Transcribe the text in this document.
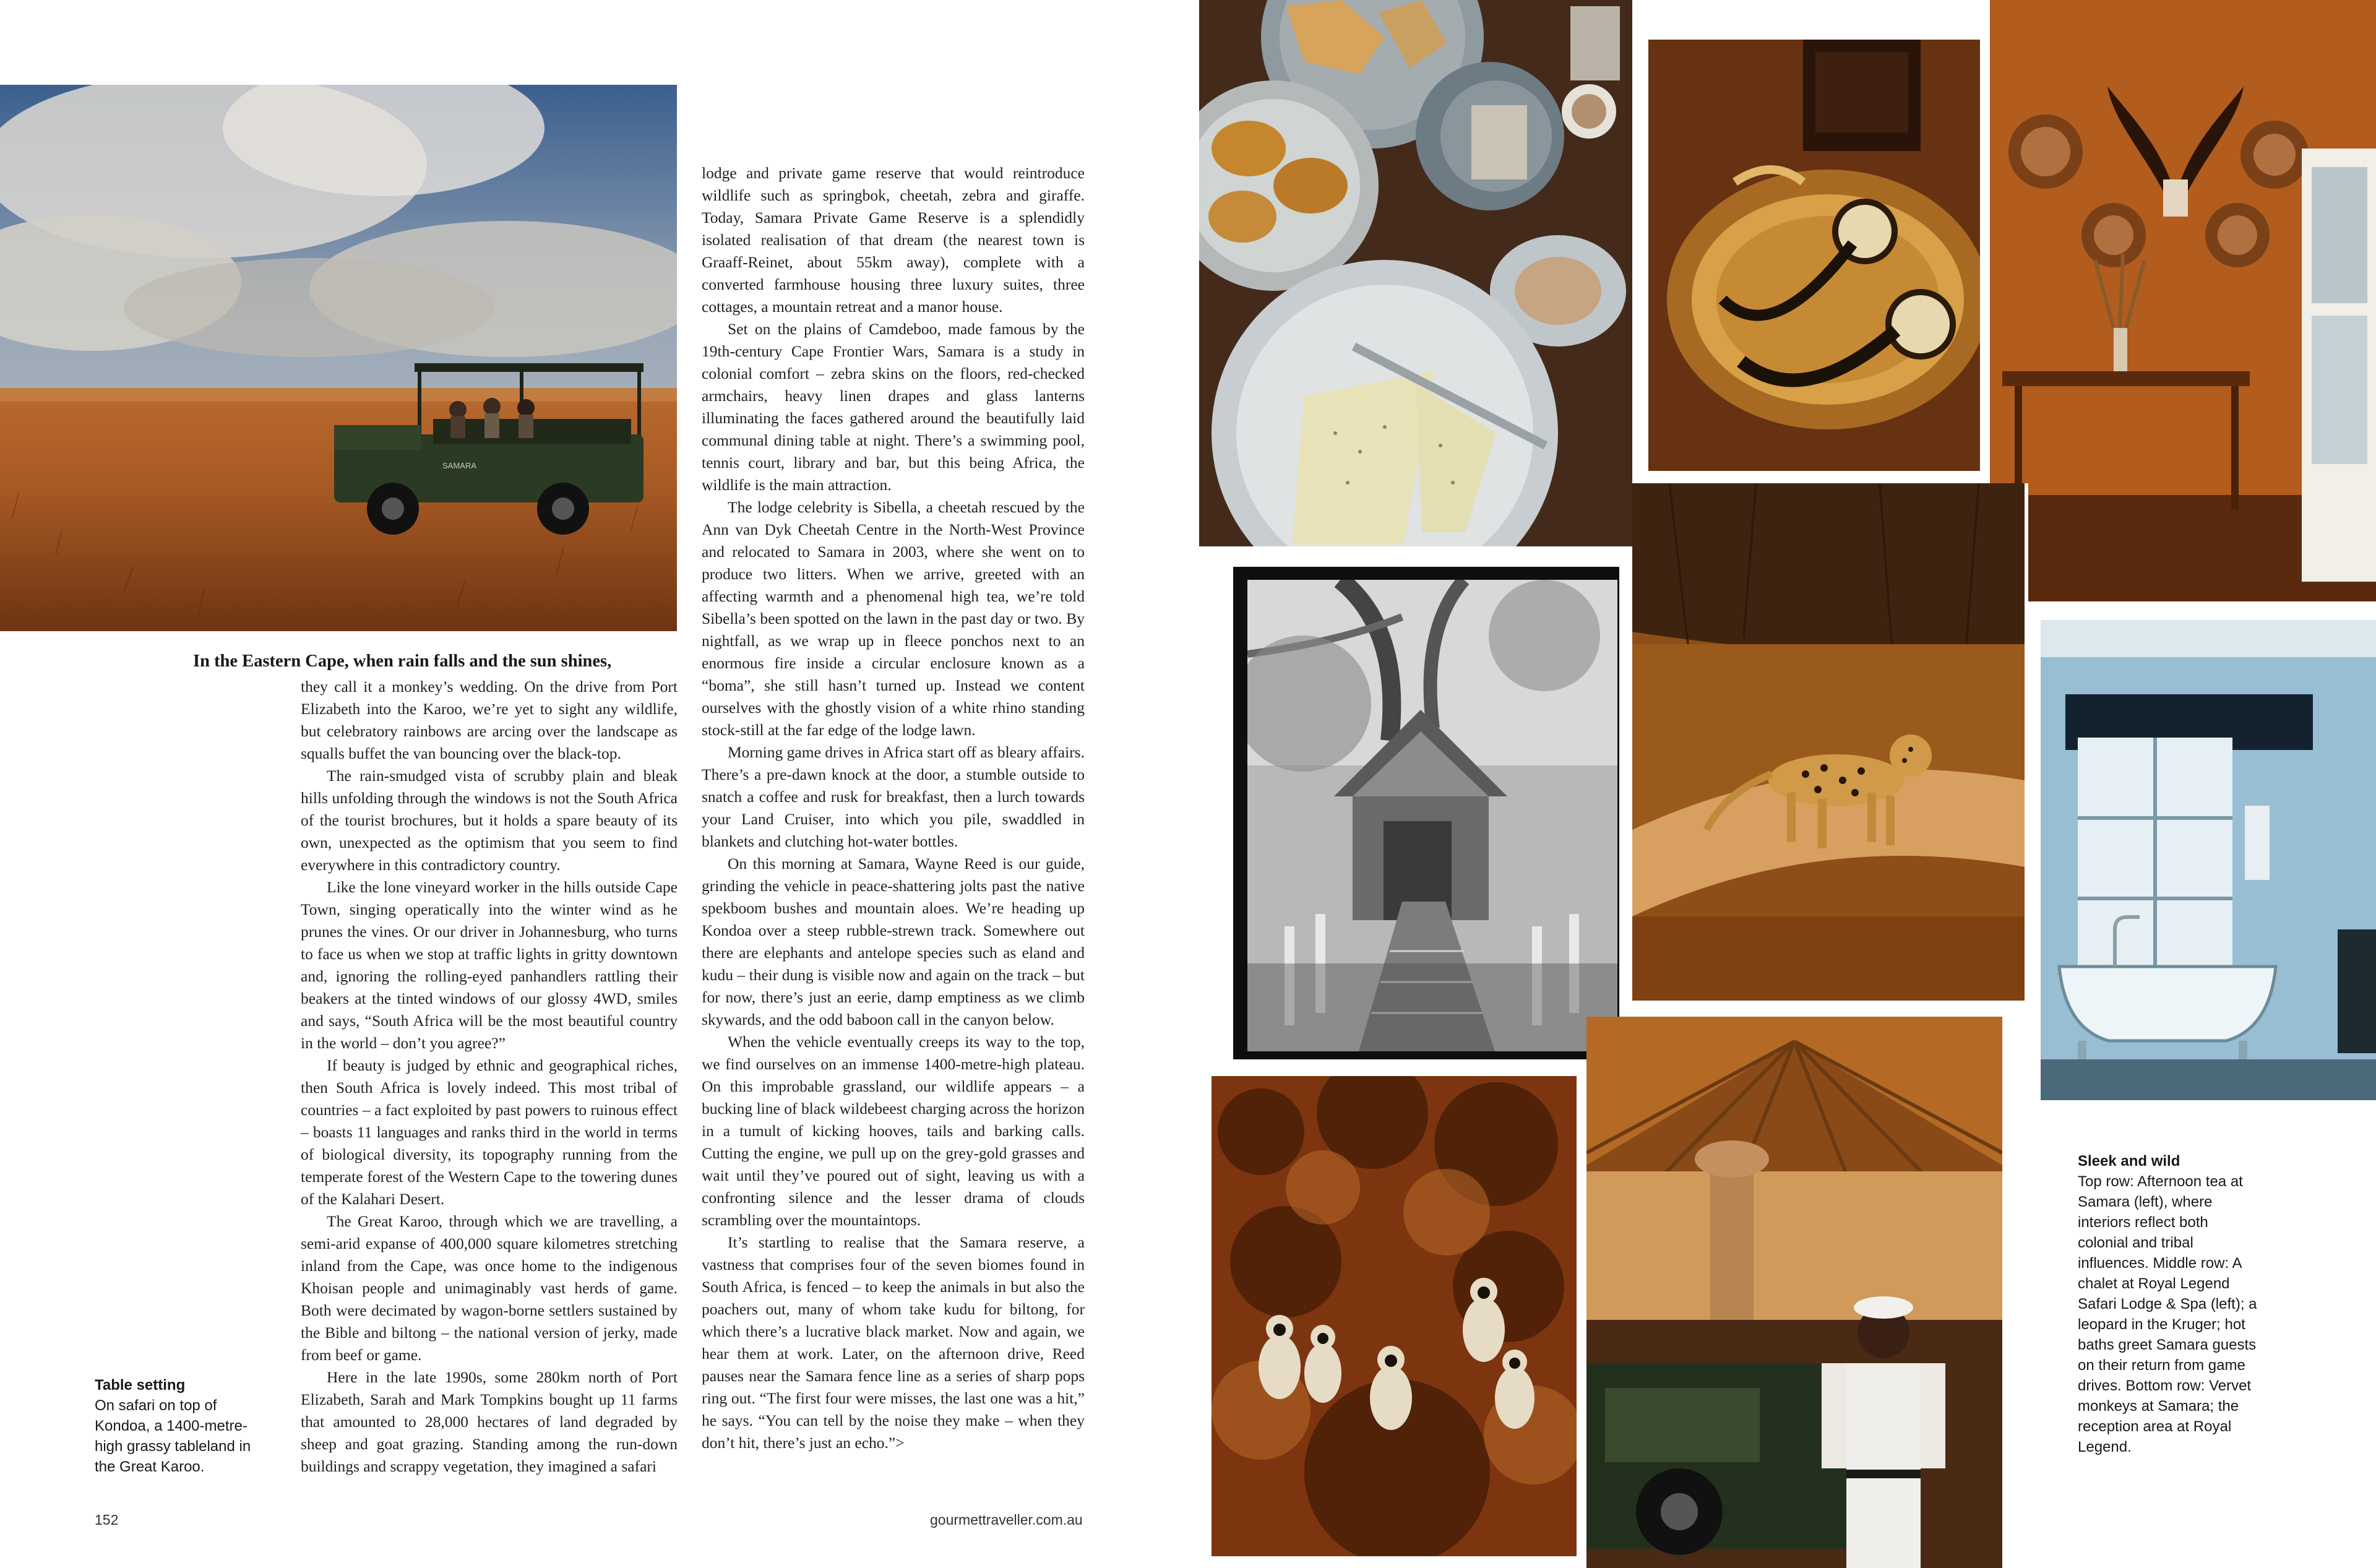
SAMARA
In the Eastern Cape, when rain falls and the sun shines,

they call it a monkey’s wedding. On the drive from Port Elizabeth into the Karoo, we’re yet to sight any wildlife, but celebratory rainbows are arcing over the landscape as squalls buffet the van bouncing over the black-top.

The rain-smudged vista of scrubby plain and bleak hills unfolding through the windows is not the South Africa of the tourist brochures, but it holds a spare beauty of its own, unexpected as the optimism that you seem to find everywhere in this contradictory country.

Like the lone vineyard worker in the hills outside Cape Town, singing operatically into the winter wind as he prunes the vines. Or our driver in Johannesburg, who turns to face us when we stop at traffic lights in gritty downtown and, ignoring the rolling-eyed panhandlers rattling their beakers at the tinted windows of our glossy 4WD, smiles and says, “South Africa will be the most beautiful country in the world – don’t you agree?”

If beauty is judged by ethnic and geographical riches, then South Africa is lovely indeed. This most tribal of countries – a fact exploited by past powers to ruinous effect – boasts 11 languages and ranks third in the world in terms of biological diversity, its topography running from the temperate forest of the Western Cape to the towering dunes of the Kalahari Desert.

The Great Karoo, through which we are travelling, a semi-arid expanse of 400,000 square kilometres stretching inland from the Cape, was once home to the indigenous Khoisan people and unimaginably vast herds of game. Both were decimated by wagon-borne settlers sustained by the Bible and biltong – the national version of jerky, made from beef or game.

Here in the late 1990s, some 280km north of Port Elizabeth, Sarah and Mark Tompkins bought up 11 farms that amounted to 28,000 hectares of land degraded by sheep and goat grazing. Standing among the run-down buildings and scrappy vegetation, they imagined a safari

lodge and private game reserve that would reintroduce wildlife such as springbok, cheetah, zebra and giraffe. Today, Samara Private Game Reserve is a splendidly isolated realisation of that dream (the nearest town is Graaff-Reinet, about 55km away), complete with a converted farmhouse housing three luxury suites, three cottages, a mountain retreat and a manor house.

Set on the plains of Camdeboo, made famous by the 19th-century Cape Frontier Wars, Samara is a study in colonial comfort – zebra skins on the floors, red-checked armchairs, heavy linen drapes and glass lanterns illuminating the faces gathered around the beautifully laid communal dining table at night. There’s a swimming pool, tennis court, library and bar, but this being Africa, the wildlife is the main attraction.

The lodge celebrity is Sibella, a cheetah rescued by the Ann van Dyk Cheetah Centre in the North-West Province and relocated to Samara in 2003, where she went on to produce two litters. When we arrive, greeted with an affecting warmth and a phenomenal high tea, we’re told Sibella’s been spotted on the lawn in the past day or two. By nightfall, as we wrap up in fleece ponchos next to an enormous fire inside a circular enclosure known as a “boma”, she still hasn’t turned up. Instead we content ourselves with the ghostly vision of a white rhino standing stock-still at the far edge of the lodge lawn.

Morning game drives in Africa start off as bleary affairs. There’s a pre-dawn knock at the door, a stumble outside to snatch a coffee and rusk for breakfast, then a lurch towards your Land Cruiser, into which you pile, swaddled in blankets and clutching hot-water bottles.

On this morning at Samara, Wayne Reed is our guide, grinding the vehicle in peace-shattering jolts past the native spekboom bushes and mountain aloes. We’re heading up Kondoa over a steep rubble-strewn track. Somewhere out there are elephants and antelope species such as eland and kudu – their dung is visible now and again on the track – but for now, there’s just an eerie, damp emptiness as we climb skywards, and the odd baboon call in the canyon below.

When the vehicle eventually creeps its way to the top, we find ourselves on an immense 1400-metre-high plateau. On this improbable grassland, our wildlife appears – a bucking line of black wildebeest charging across the horizon in a tumult of kicking hooves, tails and barking calls. Cutting the engine, we pull up on the grey-gold grasses and wait until they’ve poured out of sight, leaving us with a confronting silence and the lesser drama of clouds scrambling over the mountaintops.

It’s startling to realise that the Samara reserve, a vastness that comprises four of the seven biomes found in South Africa, is fenced – to keep the animals in but also the poachers out, many of whom take kudu for biltong, for which there’s a lucrative black market. Now and again, we hear them at work. Later, on the afternoon drive, Reed pauses near the Samara fence line as a series of sharp pops ring out. “The first four were misses, the last one was a hit,” he says. “You can tell by the noise they make – when they don’t hit, there’s just an echo.”>

Table setting
On safari on top of Kondoa, a 1400-metre-high grassy tableland in the Great Karoo.
152	gourmettraveller.com.au
Sleek and wild
Top row: Afternoon tea at Samara (left), where interiors reflect both colonial and tribal influences. Middle row: A chalet at Royal Legend Safari Lodge & Spa (left); a leopard in the Kruger; hot baths greet Samara guests on their return from game drives. Bottom row: Vervet monkeys at Samara; the reception area at Royal Legend.
